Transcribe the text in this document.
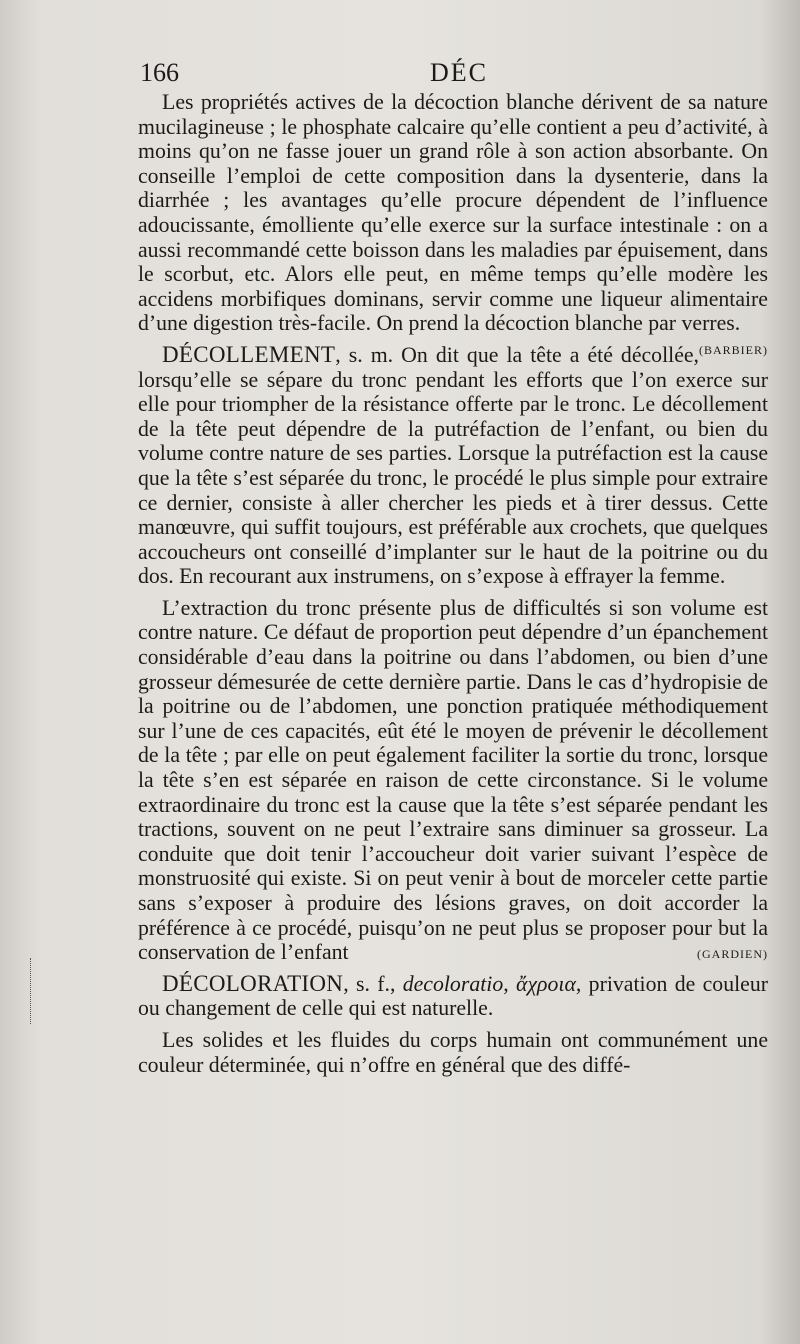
166	DÉC

Les propriétés actives de la décoction blanche dérivent de sa nature mucilagineuse ; le phosphate calcaire qu’elle contient a peu d’activité, à moins qu’on ne fasse jouer un grand rôle à son action absorbante. On conseille l’emploi de cette composition dans la dysenterie, dans la diarrhée ; les avantages qu’elle procure dépendent de l’influence adoucissante, émolliente qu’elle exerce sur la surface intestinale : on a aussi recommandé cette boisson dans les maladies par épuisement, dans le scorbut, etc. Alors elle peut, en même temps qu’elle modère les accidens morbifiques dominans, servir comme une liqueur alimentaire d’une digestion très-facile. On prend la décoction blanche par verres.
(BARBIER)

DÉCOLLEMENT, s. m. On dit que la tête a été décollée, lorsqu’elle se sépare du tronc pendant les efforts que l’on exerce sur elle pour triompher de la résistance offerte par le tronc. Le décollement de la tête peut dépendre de la putréfaction de l’enfant, ou bien du volume contre nature de ses parties. Lorsque la putréfaction est la cause que la tête s’est séparée du tronc, le procédé le plus simple pour extraire ce dernier, consiste à aller chercher les pieds et à tirer dessus. Cette manœuvre, qui suffit toujours, est préférable aux crochets, que quelques accoucheurs ont conseillé d’implanter sur le haut de la poitrine ou du dos. En recourant aux instrumens, on s’expose à effrayer la femme.

L’extraction du tronc présente plus de difficultés si son volume est contre nature. Ce défaut de proportion peut dépendre d’un épanchement considérable d’eau dans la poitrine ou dans l’abdomen, ou bien d’une grosseur démesurée de cette dernière partie. Dans le cas d’hydropisie de la poitrine ou de l’abdomen, une ponction pratiquée méthodiquement sur l’une de ces capacités, eût été le moyen de prévenir le décollement de la tête ; par elle on peut également faciliter la sortie du tronc, lorsque la tête s’en est séparée en raison de cette circonstance. Si le volume extraordinaire du tronc est la cause que la tête s’est séparée pendant les tractions, souvent on ne peut l’extraire sans diminuer sa grosseur. La conduite que doit tenir l’accoucheur doit varier suivant l’espèce de monstruosité qui existe. Si on peut venir à bout de morceler cette partie sans s’exposer à produire des lésions graves, on doit accorder la préférence à ce procédé, puisqu’on ne peut plus se proposer pour but la conservation de l’enfant	(GARDIEN)

DÉCOLORATION, s. f., decoloratio, ἄχροια, privation de couleur ou changement de celle qui est naturelle.

Les solides et les fluides du corps humain ont communément une couleur déterminée, qui n’offre en général que des diffé-
